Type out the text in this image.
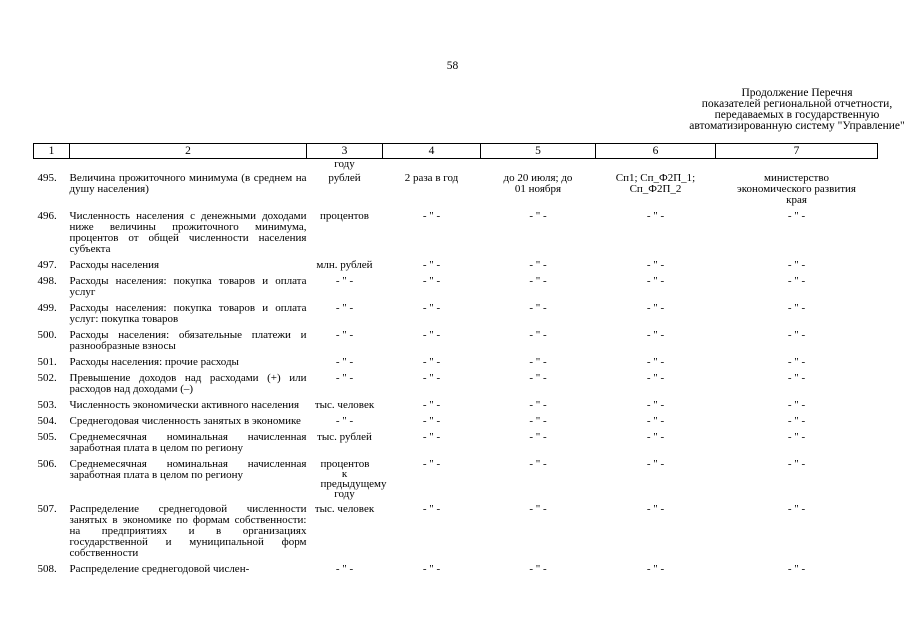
58
Продолжение Перечня
показателей региональной отчетности,
передаваемых в государственную
автоматизированную систему "Управление"
1	2	3	4	5	6	7
		году				
495.	Величина прожиточного минимума (в среднем на душу населения)	рублей	2 раза в год	до 20 июля; до 01 ноября	Сп1; Сп_Ф2П_1; Сп_Ф2П_2	министерство экономического развития края
496.	Численность населения с денежными доходами ниже величины прожиточного минимума, процентов от общей численности населения субъекта	процентов	- " -	- " -	- " -	- " -
497.	Расходы населения	млн. рублей	- " -	- " -	- " -	- " -
498.	Расходы населения: покупка товаров и оплата услуг	- " -	- " -	- " -	- " -	- " -
499.	Расходы населения: покупка товаров и оплата услуг: покупка товаров	- " -	- " -	- " -	- " -	- " -
500.	Расходы населения: обязательные платежи и разнообразные взносы	- " -	- " -	- " -	- " -	- " -
501.	Расходы населения: прочие расходы	- " -	- " -	- " -	- " -	- " -
502.	Превышение доходов над расходами (+) или расходов над доходами (–)	- " -	- " -	- " -	- " -	- " -
503.	Численность экономически активного населения	тыс. человек	- " -	- " -	- " -	- " -
504.	Среднегодовая численность занятых в экономике	- " -	- " -	- " -	- " -	- " -
505.	Среднемесячная номинальная начисленная заработная плата в целом по региону	тыс. рублей	- " -	- " -	- " -	- " -
506.	Среднемесячная номинальная начисленная заработная плата в целом по региону	процентов к предыдущему году	- " -	- " -	- " -	- " -
507.	Распределение среднегодовой численности занятых в экономике по формам собственности: на предприятиях и в организациях государственной и муниципальной форм собственности	тыс. человек	- " -	- " -	- " -	- " -
508.	Распределение среднегодовой числен-	- " -	- " -	- " -	- " -	- " -
